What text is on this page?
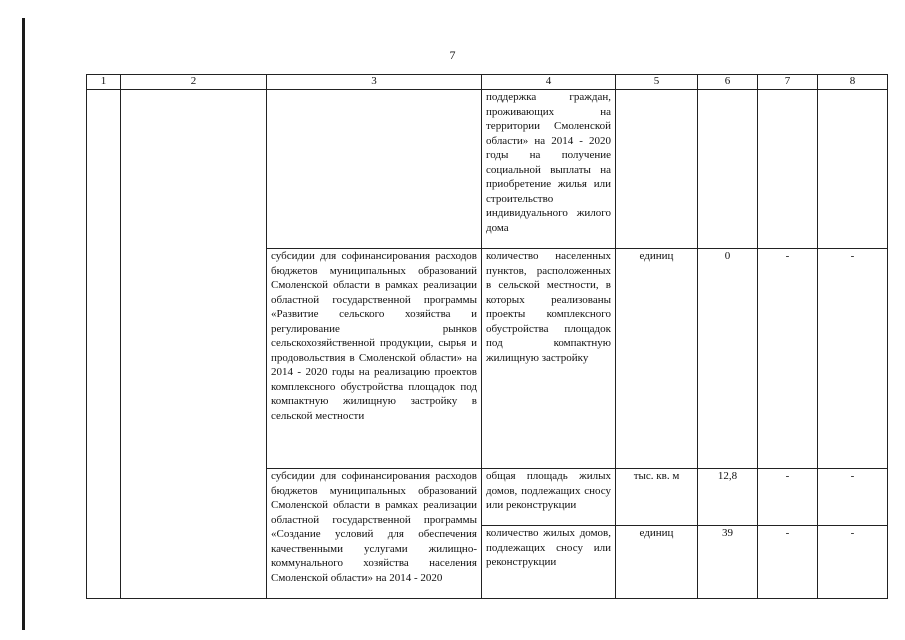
7
1	2	3	4	5	6	7	8
			поддержка граждан, проживающих на территории Смоленской области» на 2014 - 2020 годы на получение социальной выплаты на приобретение жилья или строительство индивидуального жилого дома				
		субсидии для софинансирования расходов бюджетов муниципальных образований Смоленской области в рамках реализации областной государственной программы «Развитие сельского хозяйства и регулирование рынков сельскохозяйственной продукции, сырья и продовольствия в Смоленской области» на 2014 - 2020 годы на реализацию проектов комплексного обустройства площадок под компактную жилищную застройку в сельской местности	количество населенных пунктов, расположенных в сельской местности, в которых реализованы проекты комплексного обустройства площадок под компактную жилищную застройку	единиц	0	-	-
		субсидии для софинансирования расходов бюджетов муниципальных образований Смоленской области в рамках реализации областной государственной программы «Создание условий для обеспечения качественными услугами жилищно-коммунального хозяйства населения Смоленской области» на 2014 - 2020	общая площадь жилых домов, подлежащих сносу или реконструкции	тыс. кв. м	12,8	-	-
			количество жилых домов, подлежащих сносу или реконструкции	единиц	39	-	-
